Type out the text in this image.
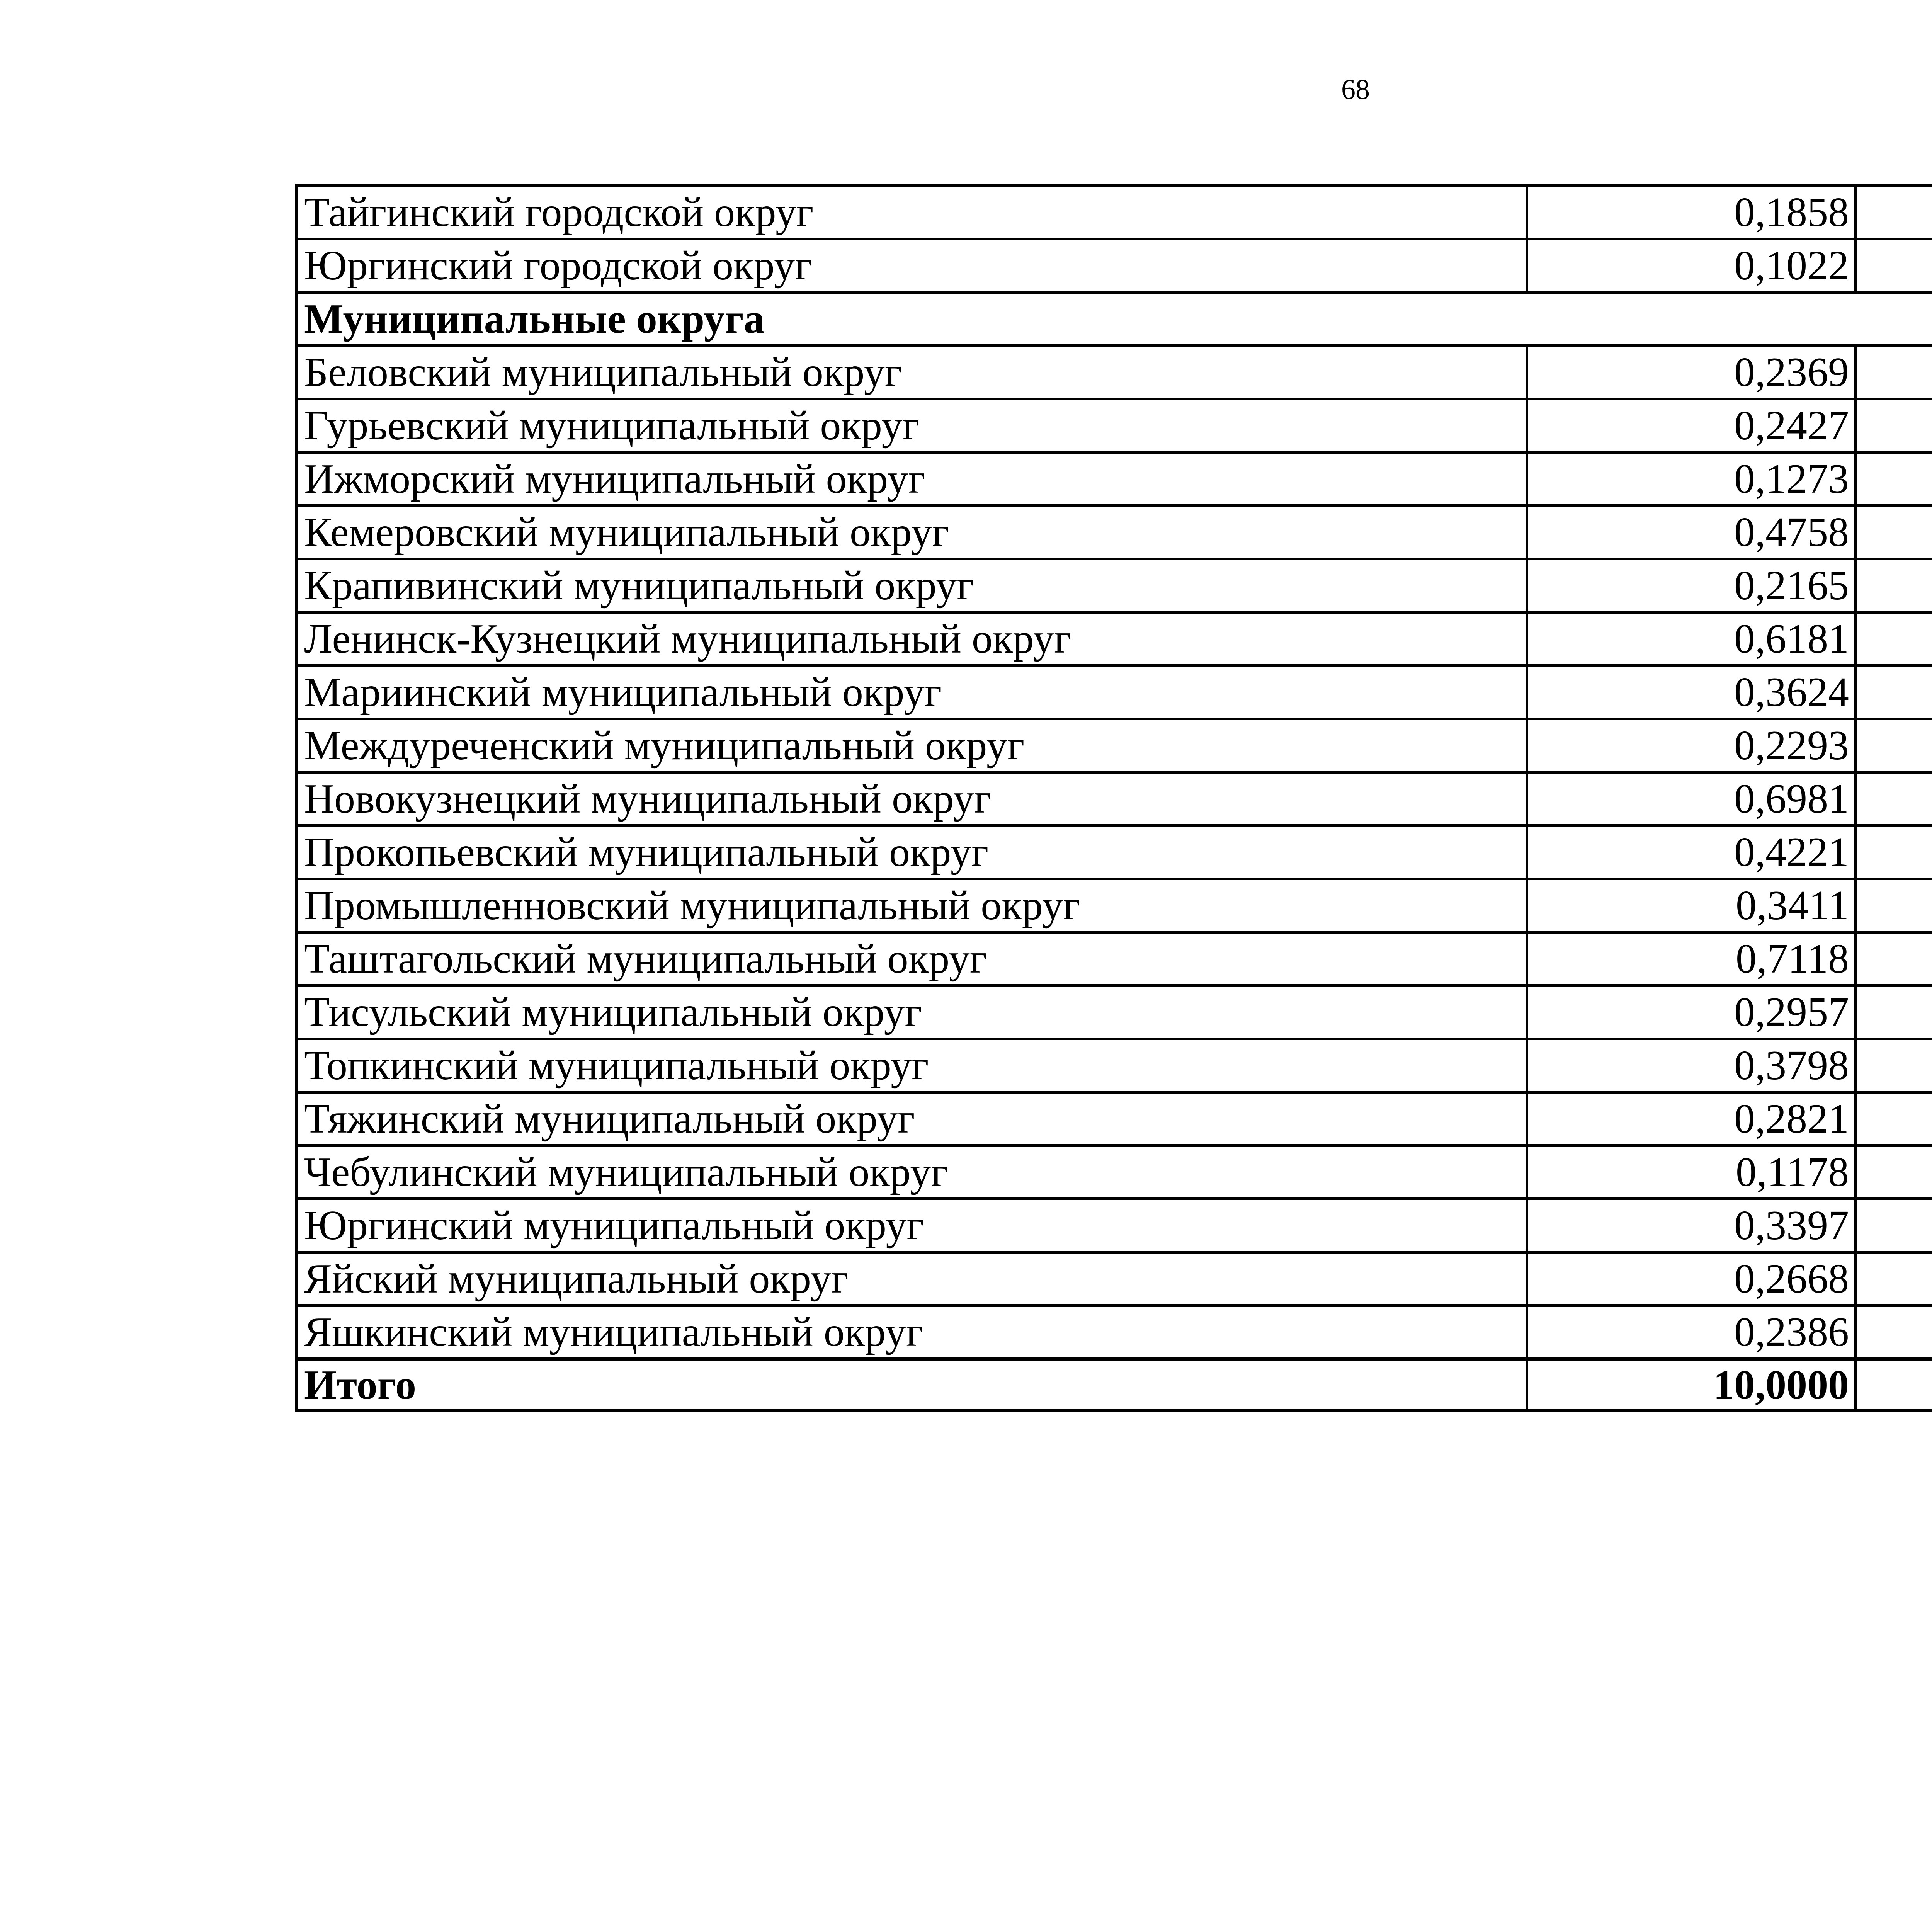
68
Тайгинский городской округ	0,1858		
Юргинский городской округ	0,1022		
Муниципальные округа			
Беловский муниципальный округ	0,2369		
Гурьевский муниципальный округ	0,2427		
Ижморский муниципальный округ	0,1273		
Кемеровский муниципальный округ	0,4758		
Крапивинский муниципальный округ	0,2165		
Ленинск-Кузнецкий муниципальный округ	0,6181		
Мариинский муниципальный округ	0,3624		
Междуреченский муниципальный округ	0,2293		
Новокузнецкий муниципальный округ	0,6981		
Прокопьевский муниципальный округ	0,4221		
Промышленновский муниципальный округ	0,3411		
Таштагольский муниципальный округ	0,7118		
Тисульский муниципальный округ	0,2957		
Топкинский муниципальный округ	0,3798		
Тяжинский муниципальный округ	0,2821		
Чебулинский муниципальный округ	0,1178		
Юргинский муниципальный округ	0,3397		
Яйский муниципальный округ	0,2668		
Яшкинский муниципальный округ	0,2386		
Итого	10,0000		
